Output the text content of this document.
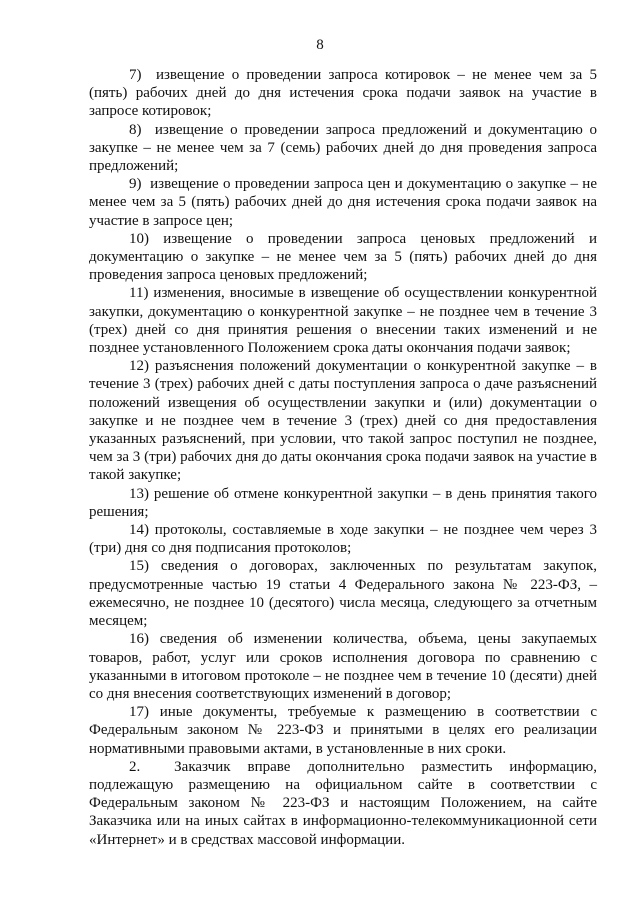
8

7)  извещение о проведении запроса котировок – не менее чем за 5 (пять) рабочих дней до дня истечения срока подачи заявок на участие в запросе котировок;

8)  извещение о проведении запроса предложений и документацию о закупке – не менее чем за 7 (семь) рабочих дней до дня проведения запроса предложений;

9)  извещение о проведении запроса цен и документацию о закупке – не менее чем за 5 (пять) рабочих дней до дня истечения срока подачи заявок на участие в запросе цен;

10) извещение о проведении запроса ценовых предложений и документацию о закупке – не менее чем за 5 (пять) рабочих дней до дня проведения запроса ценовых предложений;

11) изменения, вносимые в извещение об осуществлении конкурентной закупки, документацию о конкурентной закупке – не позднее чем в течение 3 (трех) дней со дня принятия решения о внесении таких изменений и не позднее установленного Положением срока даты окончания подачи заявок;

12) разъяснения положений документации о конкурентной закупке – в течение 3 (трех) рабочих дней с даты поступления запроса о даче разъяснений положений извещения об осуществлении закупки и (или) документации о закупке и не позднее чем в течение 3 (трех) дней со дня предоставления указанных разъяснений, при условии, что такой запрос поступил не позднее, чем за 3 (три) рабочих дня до даты окончания срока подачи заявок на участие в такой закупке;

13) решение об отмене конкурентной закупки – в день принятия такого решения;

14) протоколы, составляемые в ходе закупки – не позднее чем через 3 (три) дня со дня подписания протоколов;

15) сведения о договорах, заключенных по результатам закупок, предусмотренные частью 19 статьи 4 Федерального закона № 223-ФЗ, – ежемесячно, не позднее 10 (десятого) числа месяца, следующего за отчетным месяцем;

16) сведения об изменении количества, объема, цены закупаемых товаров, работ, услуг или сроков исполнения договора по сравнению с указанными в итоговом протоколе – не позднее чем в течение 10 (десяти) дней со дня внесения соответствующих изменений в договор;

17) иные документы, требуемые к размещению в соответствии с Федеральным законом № 223-ФЗ и принятыми в целях его реализации нормативными правовыми актами, в установленные в них сроки.

2.  Заказчик вправе дополнительно разместить информацию, подлежащую размещению на официальном сайте в соответствии с Федеральным законом № 223-ФЗ и настоящим Положением, на сайте Заказчика или на иных сайтах в информационно-телекоммуникационной сети «Интернет» и в средствах массовой информации.
